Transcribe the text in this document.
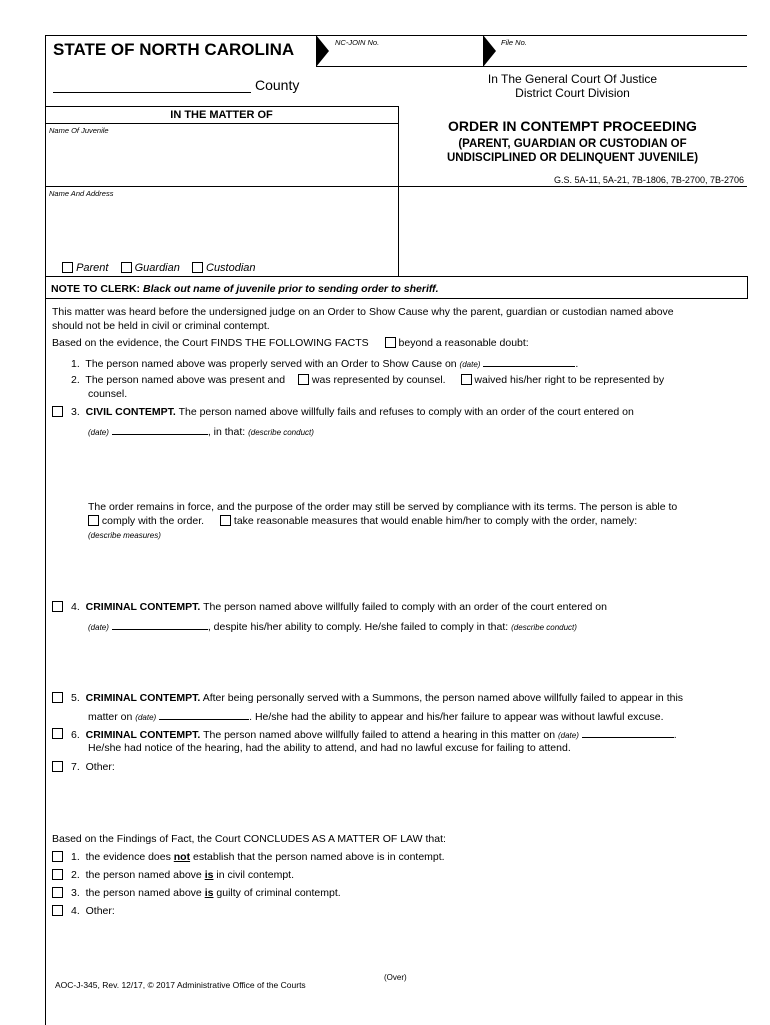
STATE OF NORTH CAROLINA
County
NC-JOIN No.	File No.
In The General Court Of Justice
District Court Division
IN THE MATTER OF
Name Of Juvenile
Name And Address
ORDER IN CONTEMPT PROCEEDING
(PARENT, GUARDIAN OR CUSTODIAN OF
UNDISCIPLINED OR DELINQUENT JUVENILE)
G.S. 5A-11, 5A-21, 7B-1806, 7B-2700, 7B-2706
Parent Guardian Custodian
NOTE TO CLERK: Black out name of juvenile prior to sending order to sheriff.
This matter was heard before the undersigned judge on an Order to Show Cause why the parent, guardian or custodian named above
should not be held in civil or criminal contempt.
Based on the evidence, the Court FINDS THE FOLLOWING FACTS	beyond a reasonable doubt:
1. The person named above was properly served with an Order to Show Cause on (date)	.
2. The person named above was present and	was represented by counsel.	waived his/her right to be represented by
counsel.
3. CIVIL CONTEMPT. The person named above willfully fails and refuses to comply with an order of the court entered on
(date)	, in that: (describe conduct)
The order remains in force, and the purpose of the order may still be served by compliance with its terms. The person is able to
comply with the order.	take reasonable measures that would enable him/her to comply with the order, namely:
(describe measures)
4. CRIMINAL CONTEMPT. The person named above willfully failed to comply with an order of the court entered on
(date)	, despite his/her ability to comply. He/she failed to comply in that: (describe conduct)
5. CRIMINAL CONTEMPT. After being personally served with a Summons, the person named above willfully failed to appear in this
matter on (date)	. He/she had the ability to appear and his/her failure to appear was without lawful excuse.
6. CRIMINAL CONTEMPT. The person named above willfully failed to attend a hearing in this matter on (date)	.
He/she had notice of the hearing, had the ability to attend, and had no lawful excuse for failing to attend.
7. Other:
Based on the Findings of Fact, the Court CONCLUDES AS A MATTER OF LAW that:
1. the evidence does not establish that the person named above is in contempt.
2. the person named above is in civil contempt.
3. the person named above is guilty of criminal contempt.
4. Other:
(Over)
AOC-J-345, Rev. 12/17, © 2017 Administrative Office of the Courts
